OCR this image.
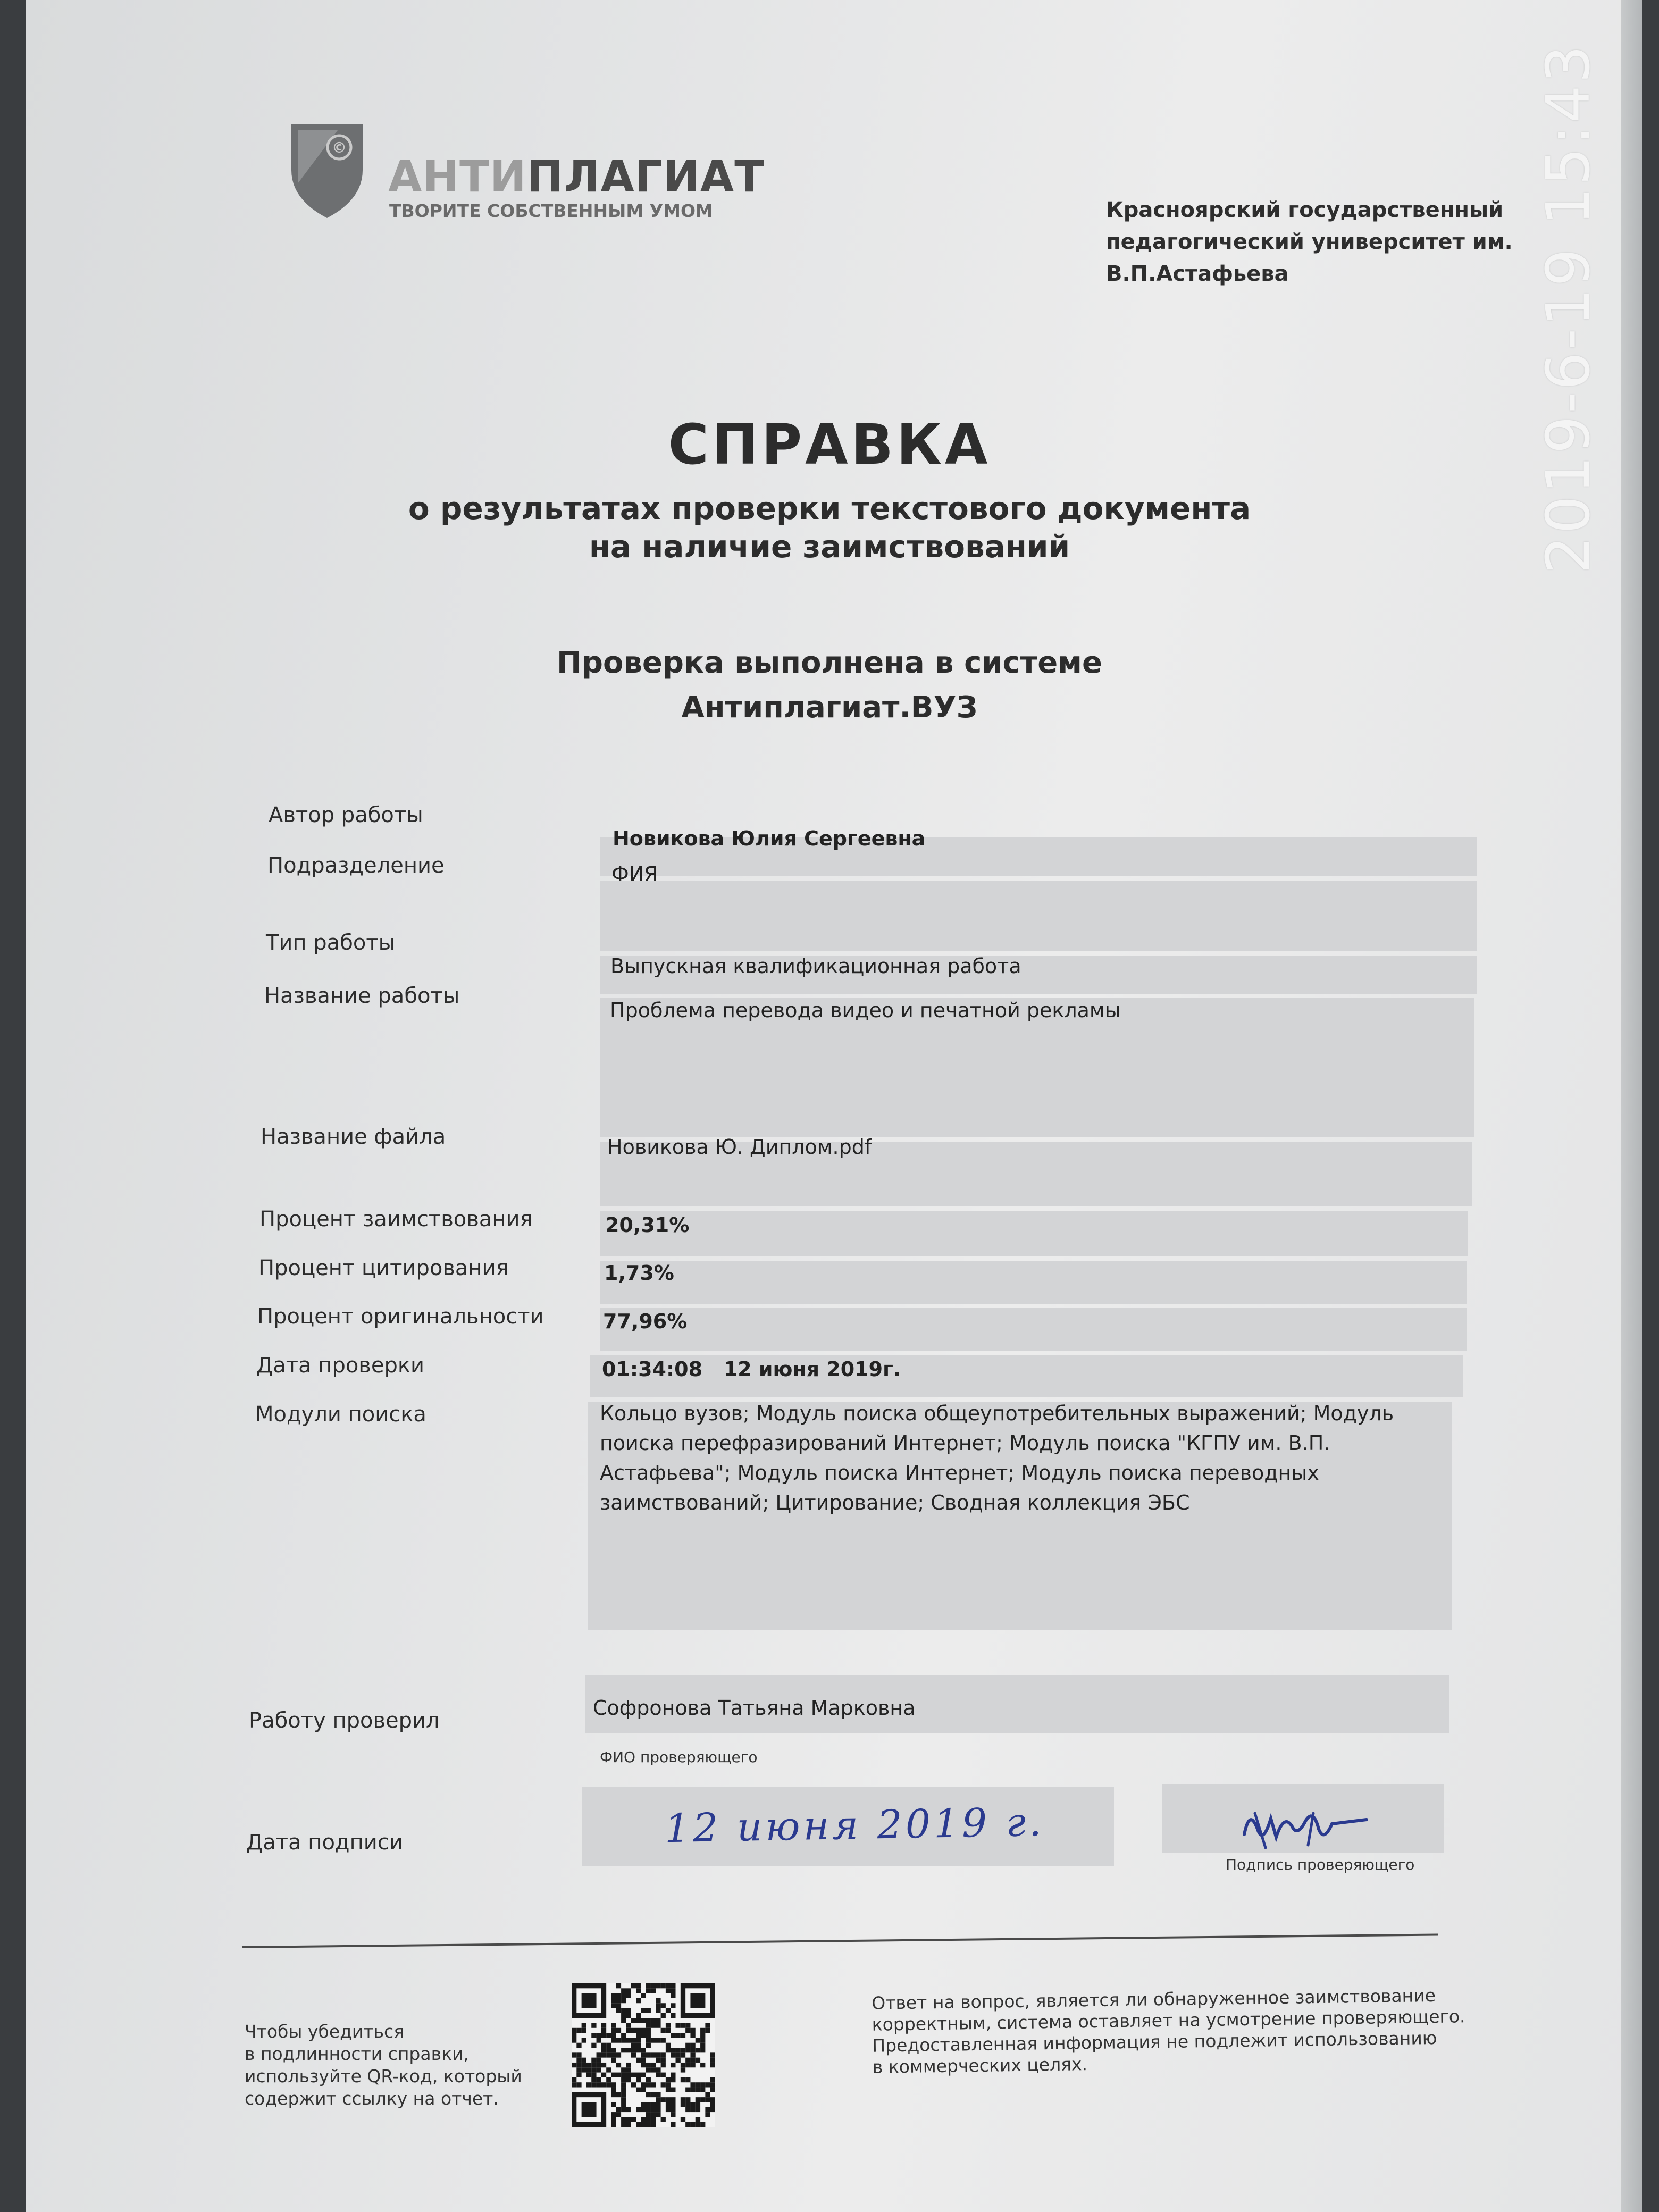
©
АНТИПЛАГИАТ
ТВОРИТЕ СОБСТВЕННЫМ УМОМ	Красноярский государственный
педагогический университет им.
В.П.Астафьева
СПРАВКА
о результатах проверки текстового документа
на наличие заимствований
Проверка выполнена в системе
Антиплагиат.ВУЗ
Автор работы
Подразделение
Тип работы
Название работы
Название файла
Процент заимствования
Процент цитирования
Процент оригинальности
Дата проверки
Модули поиска
Работу проверил
Дата подписи
Новикова Юлия Сергеевна
ФИЯ
Выпускная квалификационная работа
Проблема перевода видео и печатной рекламы
Новикова Ю. Диплом.pdf
20,31%
1,73%
77,96%
01:34:08   12 июня 2019г.
Кольцо вузов; Модуль поиска общеупотребительных выражений; Модуль поиска перефразирований Интернет; Модуль поиска "КГПУ им. В.П. Астафьева"; Модуль поиска Интернет; Модуль поиска переводных заимствований; Цитирование; Сводная коллекция ЭБС
Софронова Татьяна Марковна
ФИО проверяющего
12 июня 2019 г.
Подпись проверяющего
Чтобы убедиться
в подлинности справки,
используйте QR-код, который
содержит ссылку на отчет.
Ответ на вопрос, является ли обнаруженное заимствование
корректным, система оставляет на усмотрение проверяющего.
Предоставленная информация не подлежит использованию
в коммерческих целях.
2019-6-19 15:43
